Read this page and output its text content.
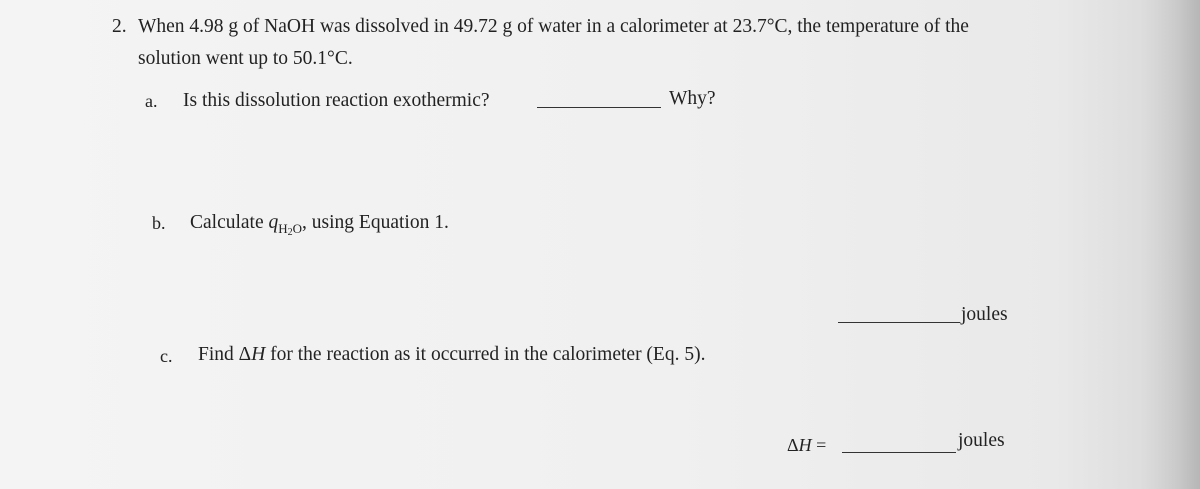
2. When 4.98 g of NaOH was dissolved in 49.72 g of water in a calorimeter at 23.7°C, the temperature of the
solution went up to 50.1°C.
a. Is this dissolution reaction exothermic?	Why?
b. Calculate $q_{H_2O}$, using Equation 1.
joules
c. Find ΔH for the reaction as it occurred in the calorimeter (Eq. 5).
ΔH =	joules
